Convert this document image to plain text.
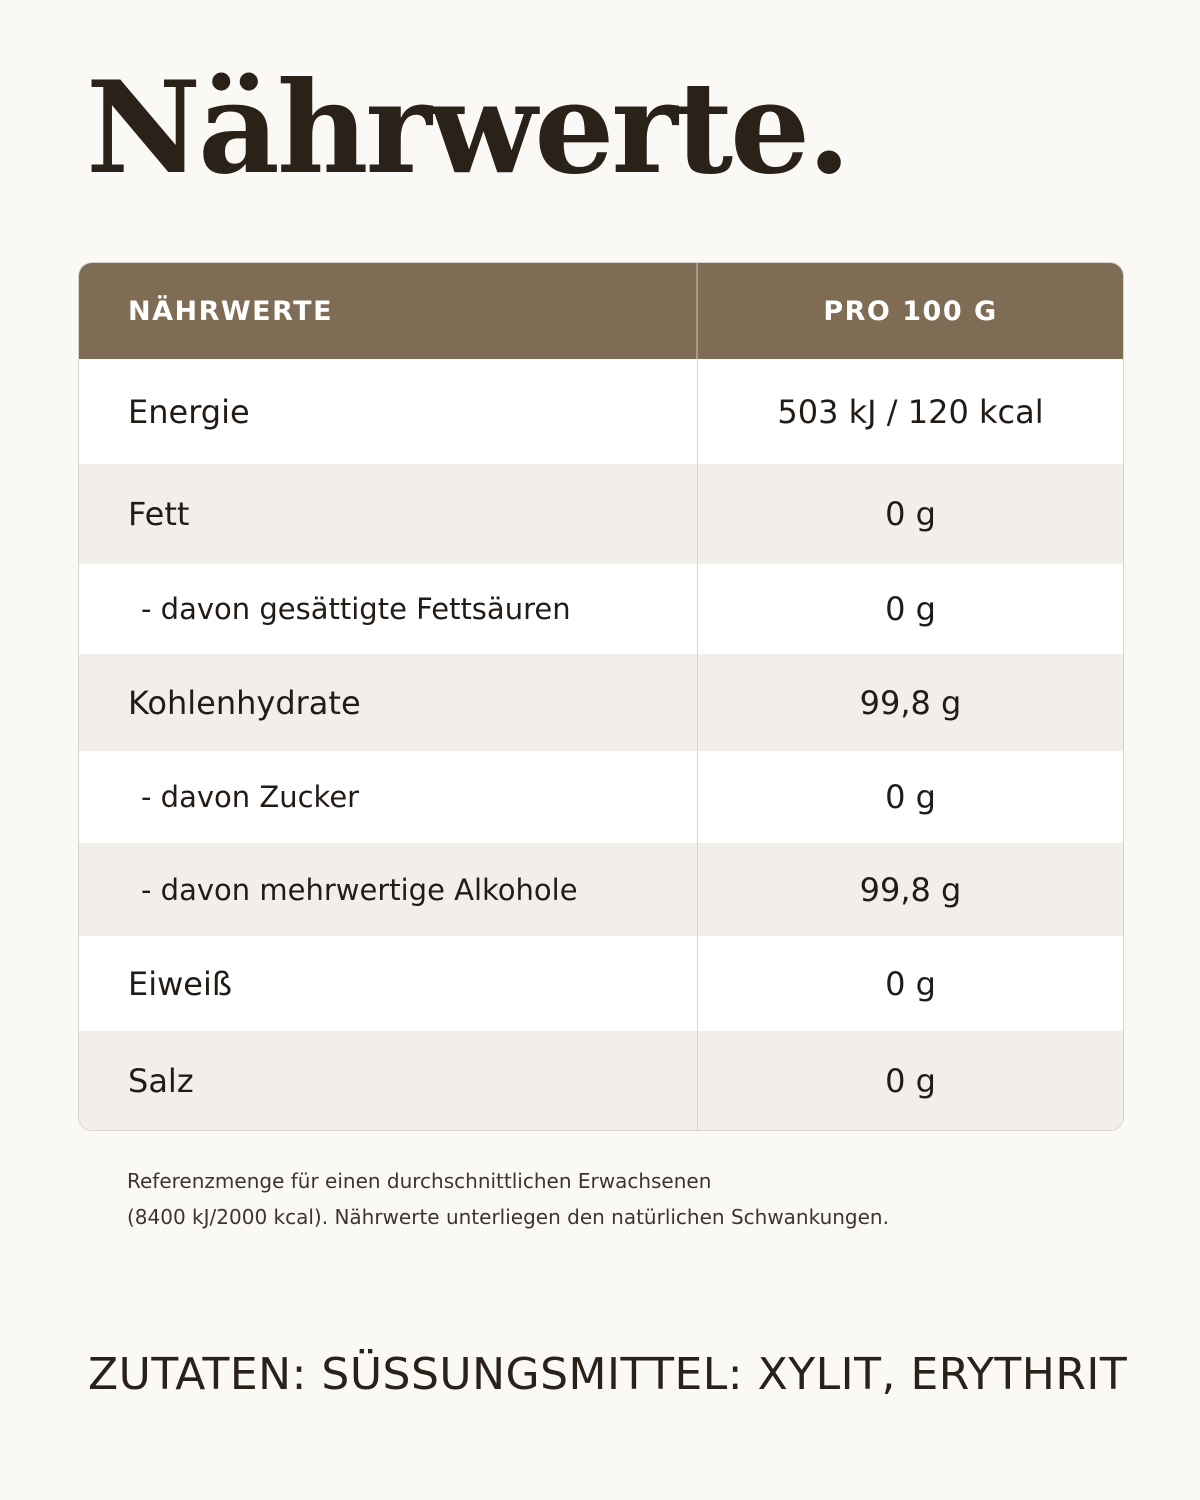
Nährwerte.
NÄHRWERTE	PRO 100 G
Energie	503 kJ / 120 kcal
Fett	0 g
- davon gesättigte Fettsäuren	0 g
Kohlenhydrate	99,8 g
- davon Zucker	0 g
- davon mehrwertige Alkohole	99,8 g
Eiweiß	0 g
Salz	0 g

Referenzmenge für einen durchschnittlichen Erwachsenen
(8400 kJ/2000 kcal). Nährwerte unterliegen den natürlichen Schwankungen.

ZUTATEN: SÜSSUNGSMITTEL: XYLIT, ERYTHRIT
